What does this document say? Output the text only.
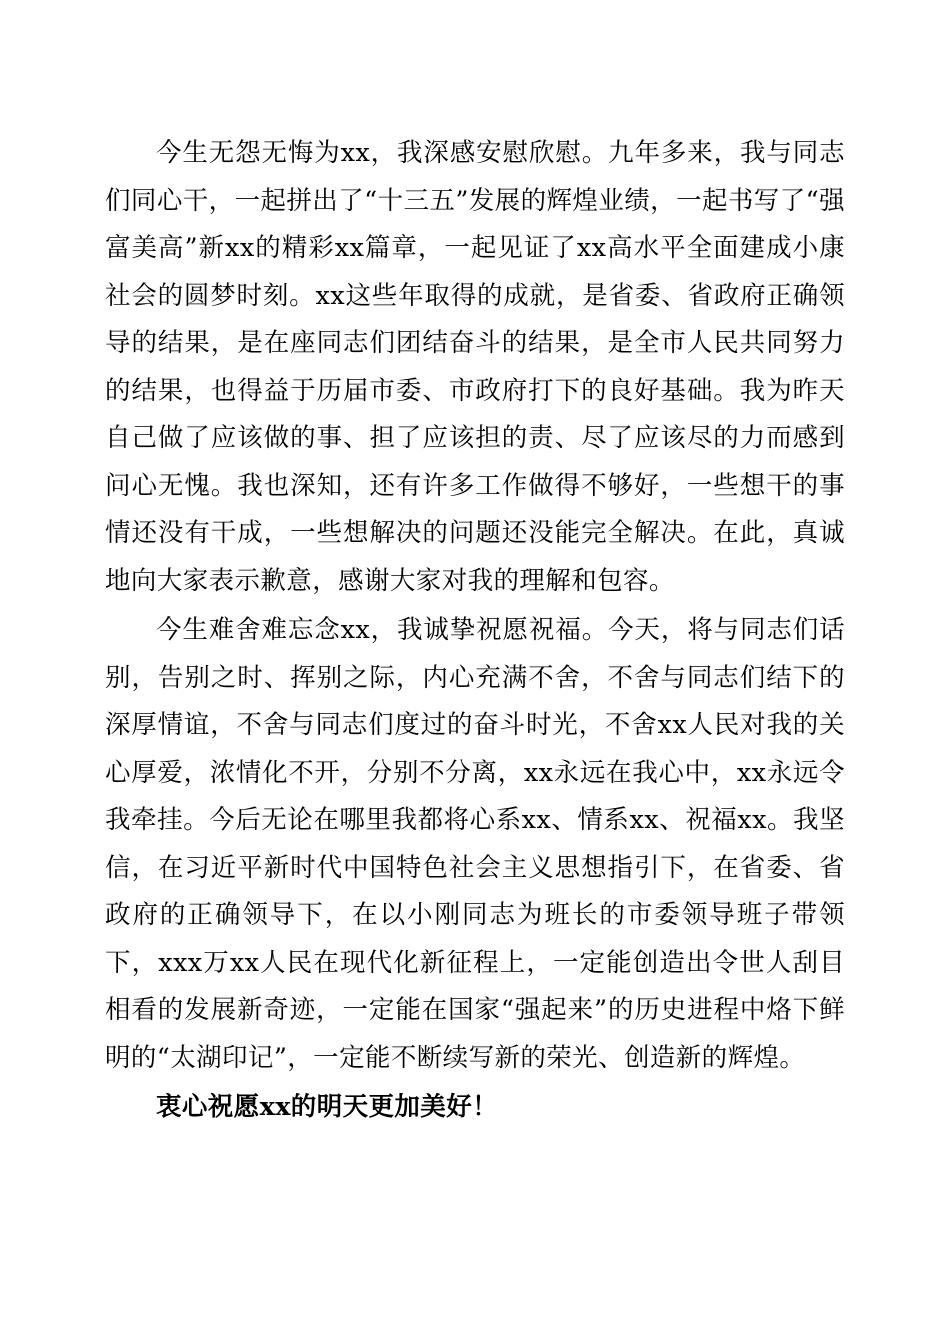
今生无怨无悔为xx，我深感安慰欣慰。九年多来，我与同志们同心干，一起拼出了“十三五”发展的辉煌业绩，一起书写了“强富美高”新xx的精彩xx篇章，一起见证了xx高水平全面建成小康社会的圆梦时刻。xx这些年取得的成就，是省委、省政府正确领导的结果，是在座同志们团结奋斗的结果，是全市人民共同努力的结果，也得益于历届市委、市政府打下的良好基础。我为昨天自己做了应该做的事、担了应该担的责、尽了应该尽的力而感到问心无愧。我也深知，还有许多工作做得不够好，一些想干的事情还没有干成，一些想解决的问题还没能完全解决。在此，真诚地向大家表示歉意，感谢大家对我的理解和包容。

今生难舍难忘念xx，我诚挚祝愿祝福。今天，将与同志们话别，告别之时、挥别之际，内心充满不舍，不舍与同志们结下的深厚情谊，不舍与同志们度过的奋斗时光，不舍xx人民对我的关心厚爱，浓情化不开，分别不分离，xx永远在我心中，xx永远令我牵挂。今后无论在哪里我都将心系xx、情系xx、祝福xx。我坚信，在习近平新时代中国特色社会主义思想指引下，在省委、省政府的正确领导下，在以小刚同志为班长的市委领导班子带领下，xxx万xx人民在现代化新征程上，一定能创造出令世人刮目相看的发展新奇迹，一定能在国家“强起来”的历史进程中烙下鲜明的“太湖印记”，一定能不断续写新的荣光、创造新的辉煌。

衷心祝愿xx的明天更加美好！
